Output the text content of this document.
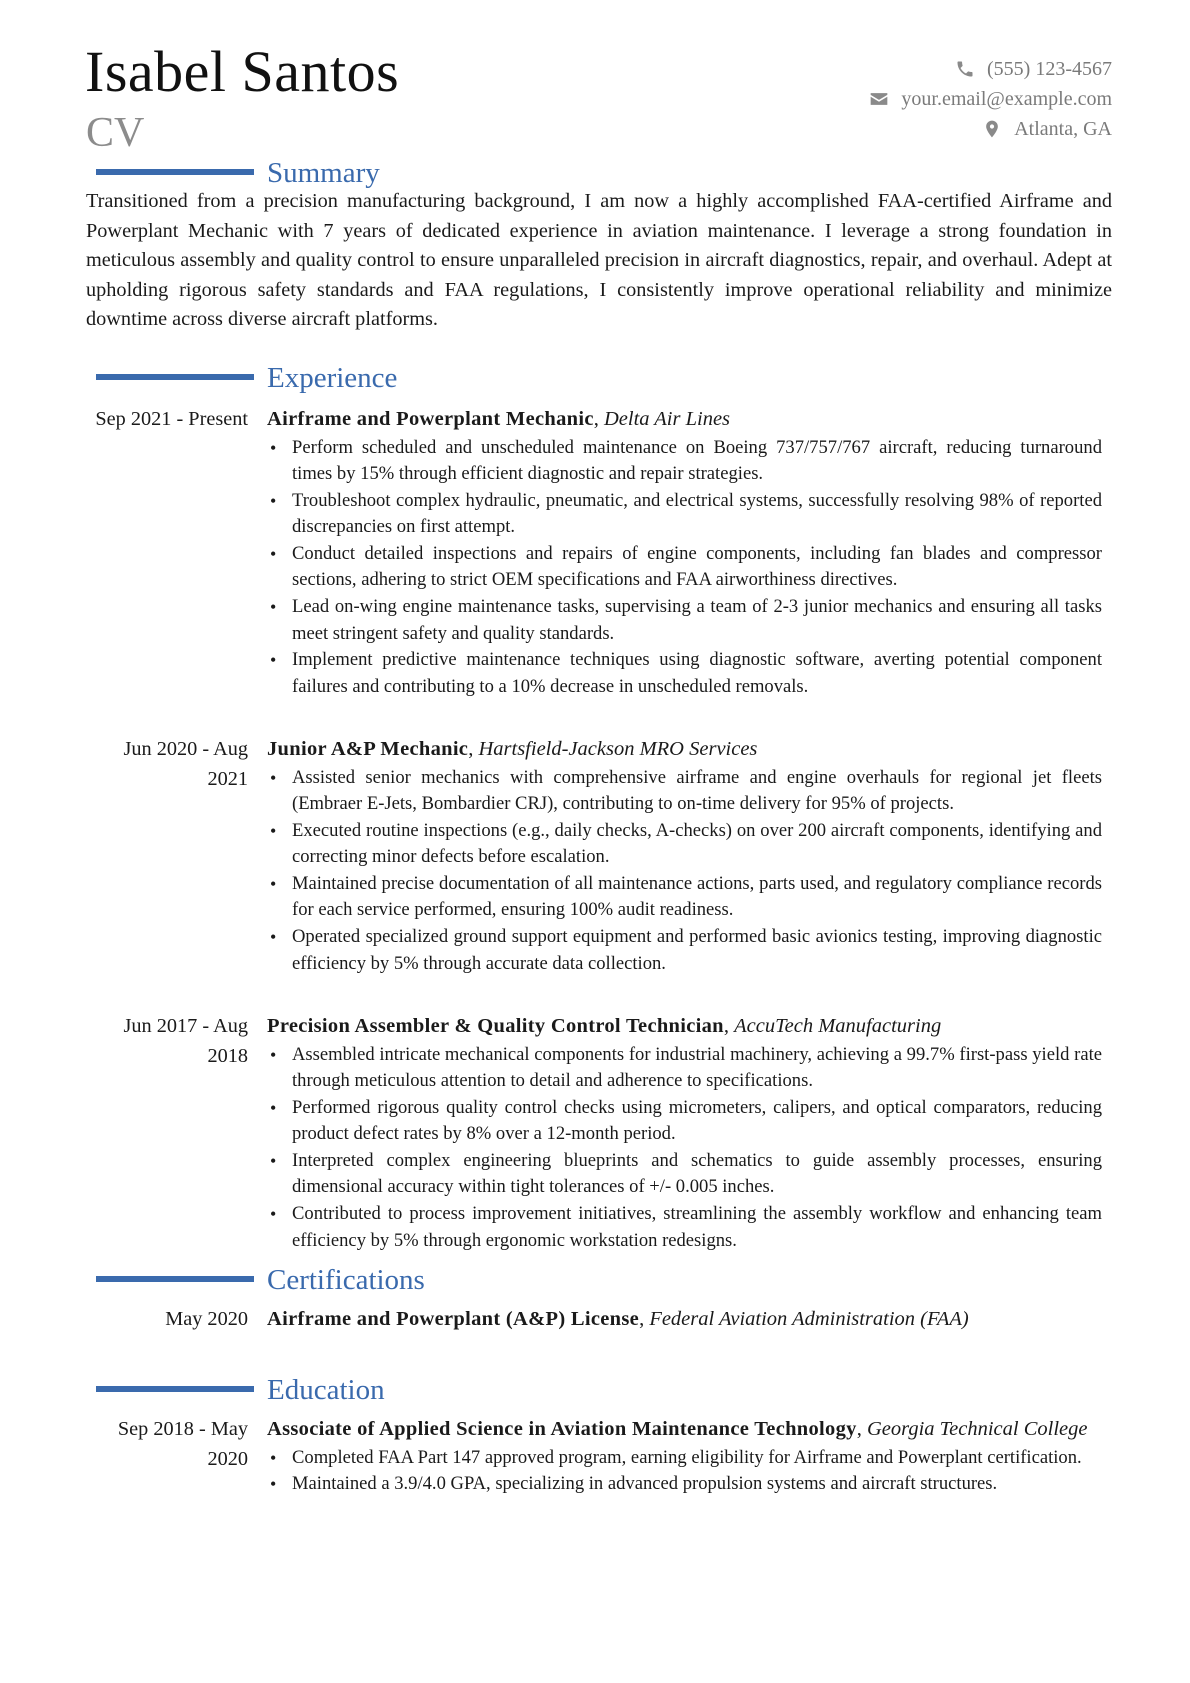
Isabel Santos
CV
(555) 123-4567
your.email@example.com
Atlanta, GA
Summary
Transitioned from a precision manufacturing background, I am now a highly accomplished FAA-certified Airframe and Powerplant Mechanic with 7 years of dedicated experience in aviation maintenance. I leverage a strong foundation in meticulous assembly and quality control to ensure unparalleled precision in aircraft diagnostics, repair, and overhaul. Adept at upholding rigorous safety standards and FAA regulations, I consistently improve operational reliability and minimize downtime across diverse aircraft platforms.
Experience
Sep 2021 - Present Airframe and Powerplant Mechanic, Delta Air Lines
• Perform scheduled and unscheduled maintenance on Boeing 737/757/767 aircraft, reducing turnaround times by 15% through efficient diagnostic and repair strategies.
• Troubleshoot complex hydraulic, pneumatic, and electrical systems, successfully resolving 98% of reported discrepancies on first attempt.
• Conduct detailed inspections and repairs of engine components, including fan blades and compressor sections, adhering to strict OEM specifications and FAA airworthiness directives.
• Lead on-wing engine maintenance tasks, supervising a team of 2-3 junior mechanics and ensuring all tasks meet stringent safety and quality standards.
• Implement predictive maintenance techniques using diagnostic software, averting potential component failures and contributing to a 10% decrease in unscheduled removals.
Jun 2020 - Aug 2021
Junior A&P Mechanic, Hartsfield-Jackson MRO Services
• Assisted senior mechanics with comprehensive airframe and engine overhauls for regional jet fleets (Embraer E-Jets, Bombardier CRJ), contributing to on-time delivery for 95% of projects.
• Executed routine inspections (e.g., daily checks, A-checks) on over 200 aircraft components, identifying and correcting minor defects before escalation.
• Maintained precise documentation of all maintenance actions, parts used, and regulatory compliance records for each service performed, ensuring 100% audit readiness.
• Operated specialized ground support equipment and performed basic avionics testing, improving diagnostic efficiency by 5% through accurate data collection.
Jun 2017 - Aug 2018
Precision Assembler & Quality Control Technician, AccuTech Manufacturing
• Assembled intricate mechanical components for industrial machinery, achieving a 99.7% first-pass yield rate through meticulous attention to detail and adherence to specifications.
• Performed rigorous quality control checks using micrometers, calipers, and optical comparators, reducing product defect rates by 8% over a 12-month period.
• Interpreted complex engineering blueprints and schematics to guide assembly processes, ensuring dimensional accuracy within tight tolerances of +/- 0.005 inches.
• Contributed to process improvement initiatives, streamlining the assembly workflow and enhancing team efficiency by 5% through ergonomic workstation redesigns.
Certifications
May 2020 Airframe and Powerplant (A&P) License, Federal Aviation Administration (FAA)
Education
Sep 2018 - May 2020
Associate of Applied Science in Aviation Maintenance Technology, Georgia Technical College
• Completed FAA Part 147 approved program, earning eligibility for Airframe and Powerplant certification.
• Maintained a 3.9/4.0 GPA, specializing in advanced propulsion systems and aircraft structures.
